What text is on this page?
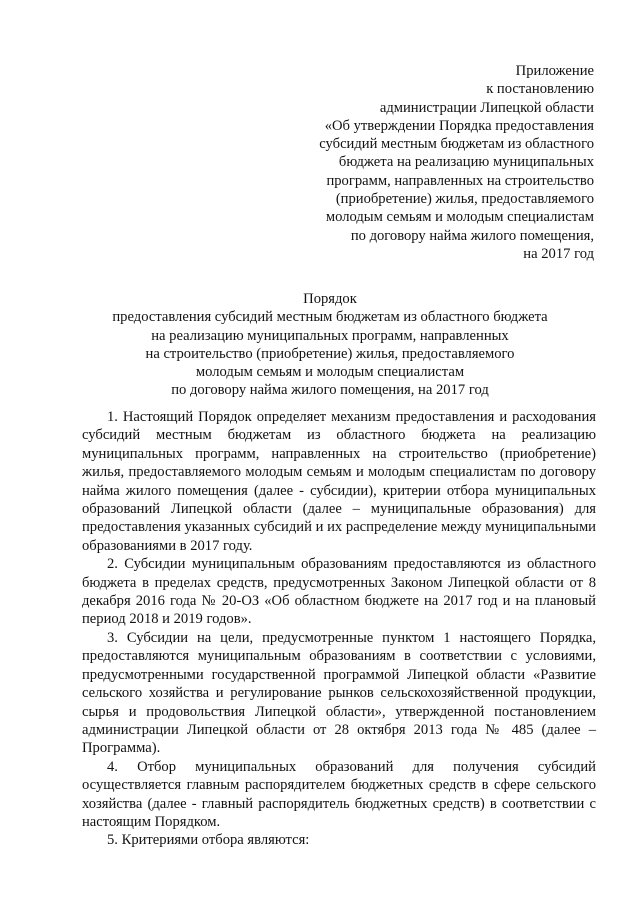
Приложение
к постановлению
администрации Липецкой области
«Об утверждении Порядка предоставления
субсидий местным бюджетам из областного
бюджета на реализацию муниципальных
программ, направленных на строительство
(приобретение) жилья, предоставляемого
молодым семьям и молодым специалистам
по договору найма жилого помещения,
на 2017 год
Порядок
предоставления субсидий местным бюджетам из областного бюджета
на реализацию муниципальных программ, направленных
на строительство (приобретение) жилья, предоставляемого
молодым семьям и молодым специалистам
по договору найма жилого помещения, на 2017 год

1. Настоящий Порядок определяет механизм предоставления и расходования субсидий местным бюджетам из областного бюджета на реализацию муниципальных программ, направленных на строительство (приобретение) жилья, предоставляемого молодым семьям и молодым специалистам по договору найма жилого помещения (далее - субсидии), критерии отбора муниципальных образований Липецкой области (далее – муниципальные образования) для предоставления указанных субсидий и их распределение между муниципальными образованиями в 2017 году.

2. Субсидии муниципальным образованиям предоставляются из областного бюджета в пределах средств, предусмотренных Законом Липецкой области от 8 декабря 2016 года № 20-ОЗ «Об областном бюджете на 2017 год и на плановый период 2018 и 2019 годов».

3. Субсидии на цели, предусмотренные пунктом 1 настоящего Порядка, предоставляются муниципальным образованиям в соответствии с условиями, предусмотренными государственной программой Липецкой области «Развитие сельского хозяйства и регулирование рынков сельскохозяйственной продукции, сырья и продовольствия Липецкой области», утвержденной постановлением администрации Липецкой области от 28 октября 2013 года № 485 (далее – Программа).

4. Отбор муниципальных образований для получения субсидий осуществляется главным распорядителем бюджетных средств в сфере сельского хозяйства (далее - главный распорядитель бюджетных средств) в соответствии с настоящим Порядком.

5. Критериями отбора являются:
